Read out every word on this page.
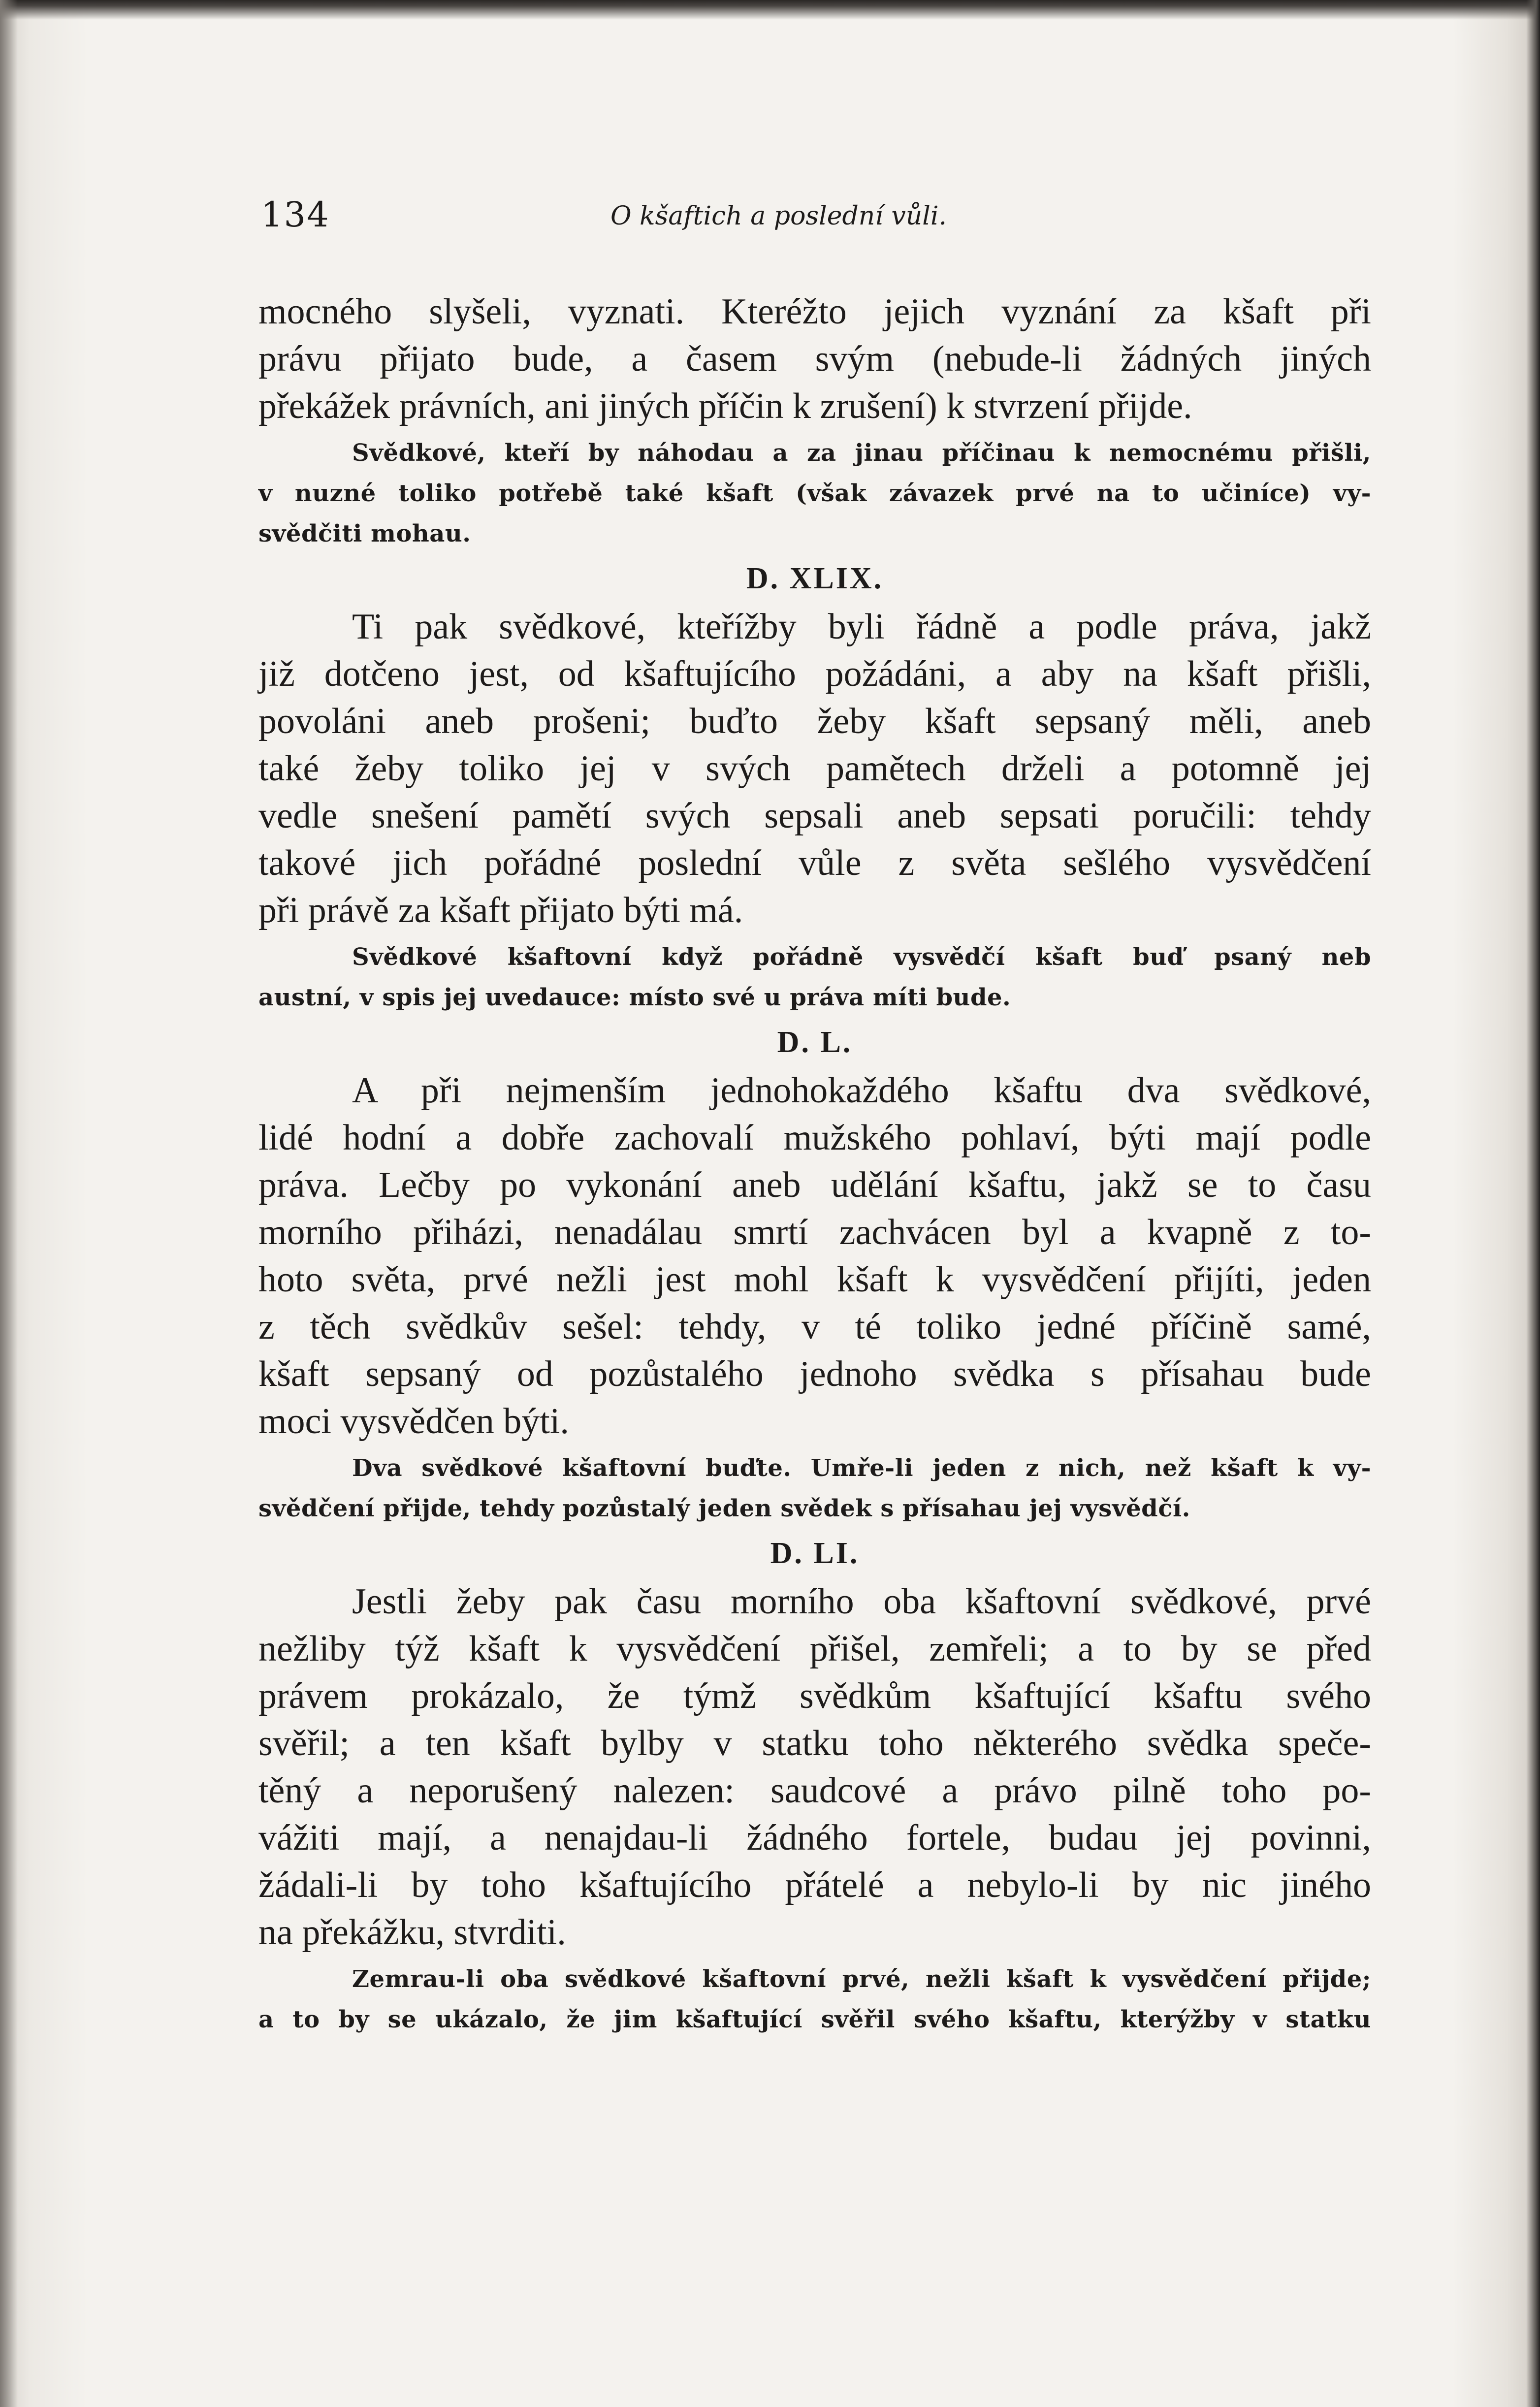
134	O kšaftich a poslední vůli.
mocného slyšeli, vyznati. Kteréžto jejich vyznání za kšaft při
právu přijato bude, a časem svým (nebude-li žádných jiných
překážek právních, ani jiných příčin k zrušení) k stvrzení přijde.
Svědkové, kteří by náhodau a za jinau příčinau k nemocnému přišli,
v nuzné toliko potřebě také kšaft (však závazek prvé na to učiníce) vy-
svědčiti mohau.
D. XLIX.
Ti pak svědkové, kteřížby byli řádně a podle práva, jakž
již dotčeno jest, od kšaftujícího požádáni, a aby na kšaft přišli,
povoláni aneb prošeni; buďto žeby kšaft sepsaný měli, aneb
také žeby toliko jej v svých pamětech drželi a potomně jej
vedle snešení pamětí svých sepsali aneb sepsati poručili: tehdy
takové jich pořádné poslední vůle z světa sešlého vysvědčení
při právě za kšaft přijato býti má.
Svědkové kšaftovní když pořádně vysvědčí kšaft buď psaný neb
austní, v spis jej uvedauce: místo své u práva míti bude.
D. L.
A při nejmenším jednohokaždého kšaftu dva svědkové,
lidé hodní a dobře zachovalí mužského pohlaví, býti mají podle
práva. Lečby po vykonání aneb udělání kšaftu, jakž se to času
morního přiházi, nenadálau smrtí zachvácen byl a kvapně z to-
hoto světa, prvé nežli jest mohl kšaft k vysvědčení přijíti, jeden
z těch svědkův sešel: tehdy, v té toliko jedné příčině samé,
kšaft sepsaný od pozůstalého jednoho svědka s přísahau bude
moci vysvědčen býti.
Dva svědkové kšaftovní buďte. Umře-li jeden z nich, než kšaft k vy-
svědčení přijde, tehdy pozůstalý jeden svědek s přísahau jej vysvědčí.
D. LI.
Jestli žeby pak času morního oba kšaftovní svědkové, prvé
nežliby týž kšaft k vysvědčení přišel, zemřeli; a to by se před
právem prokázalo, že týmž svědkům kšaftující kšaftu svého
svěřil; a ten kšaft bylby v statku toho některého svědka speče-
těný a neporušený nalezen: saudcové a právo pilně toho po-
vážiti mají, a nenajdau-li žádného fortele, budau jej povinni,
žádali-li by toho kšaftujícího přátelé a nebylo-li by nic jiného
na překážku, stvrditi.
Zemrau-li oba svědkové kšaftovní prvé, nežli kšaft k vysvědčení přijde;
a to by se ukázalo, že jim kšaftující svěřil svého kšaftu, kterýžby v statku
